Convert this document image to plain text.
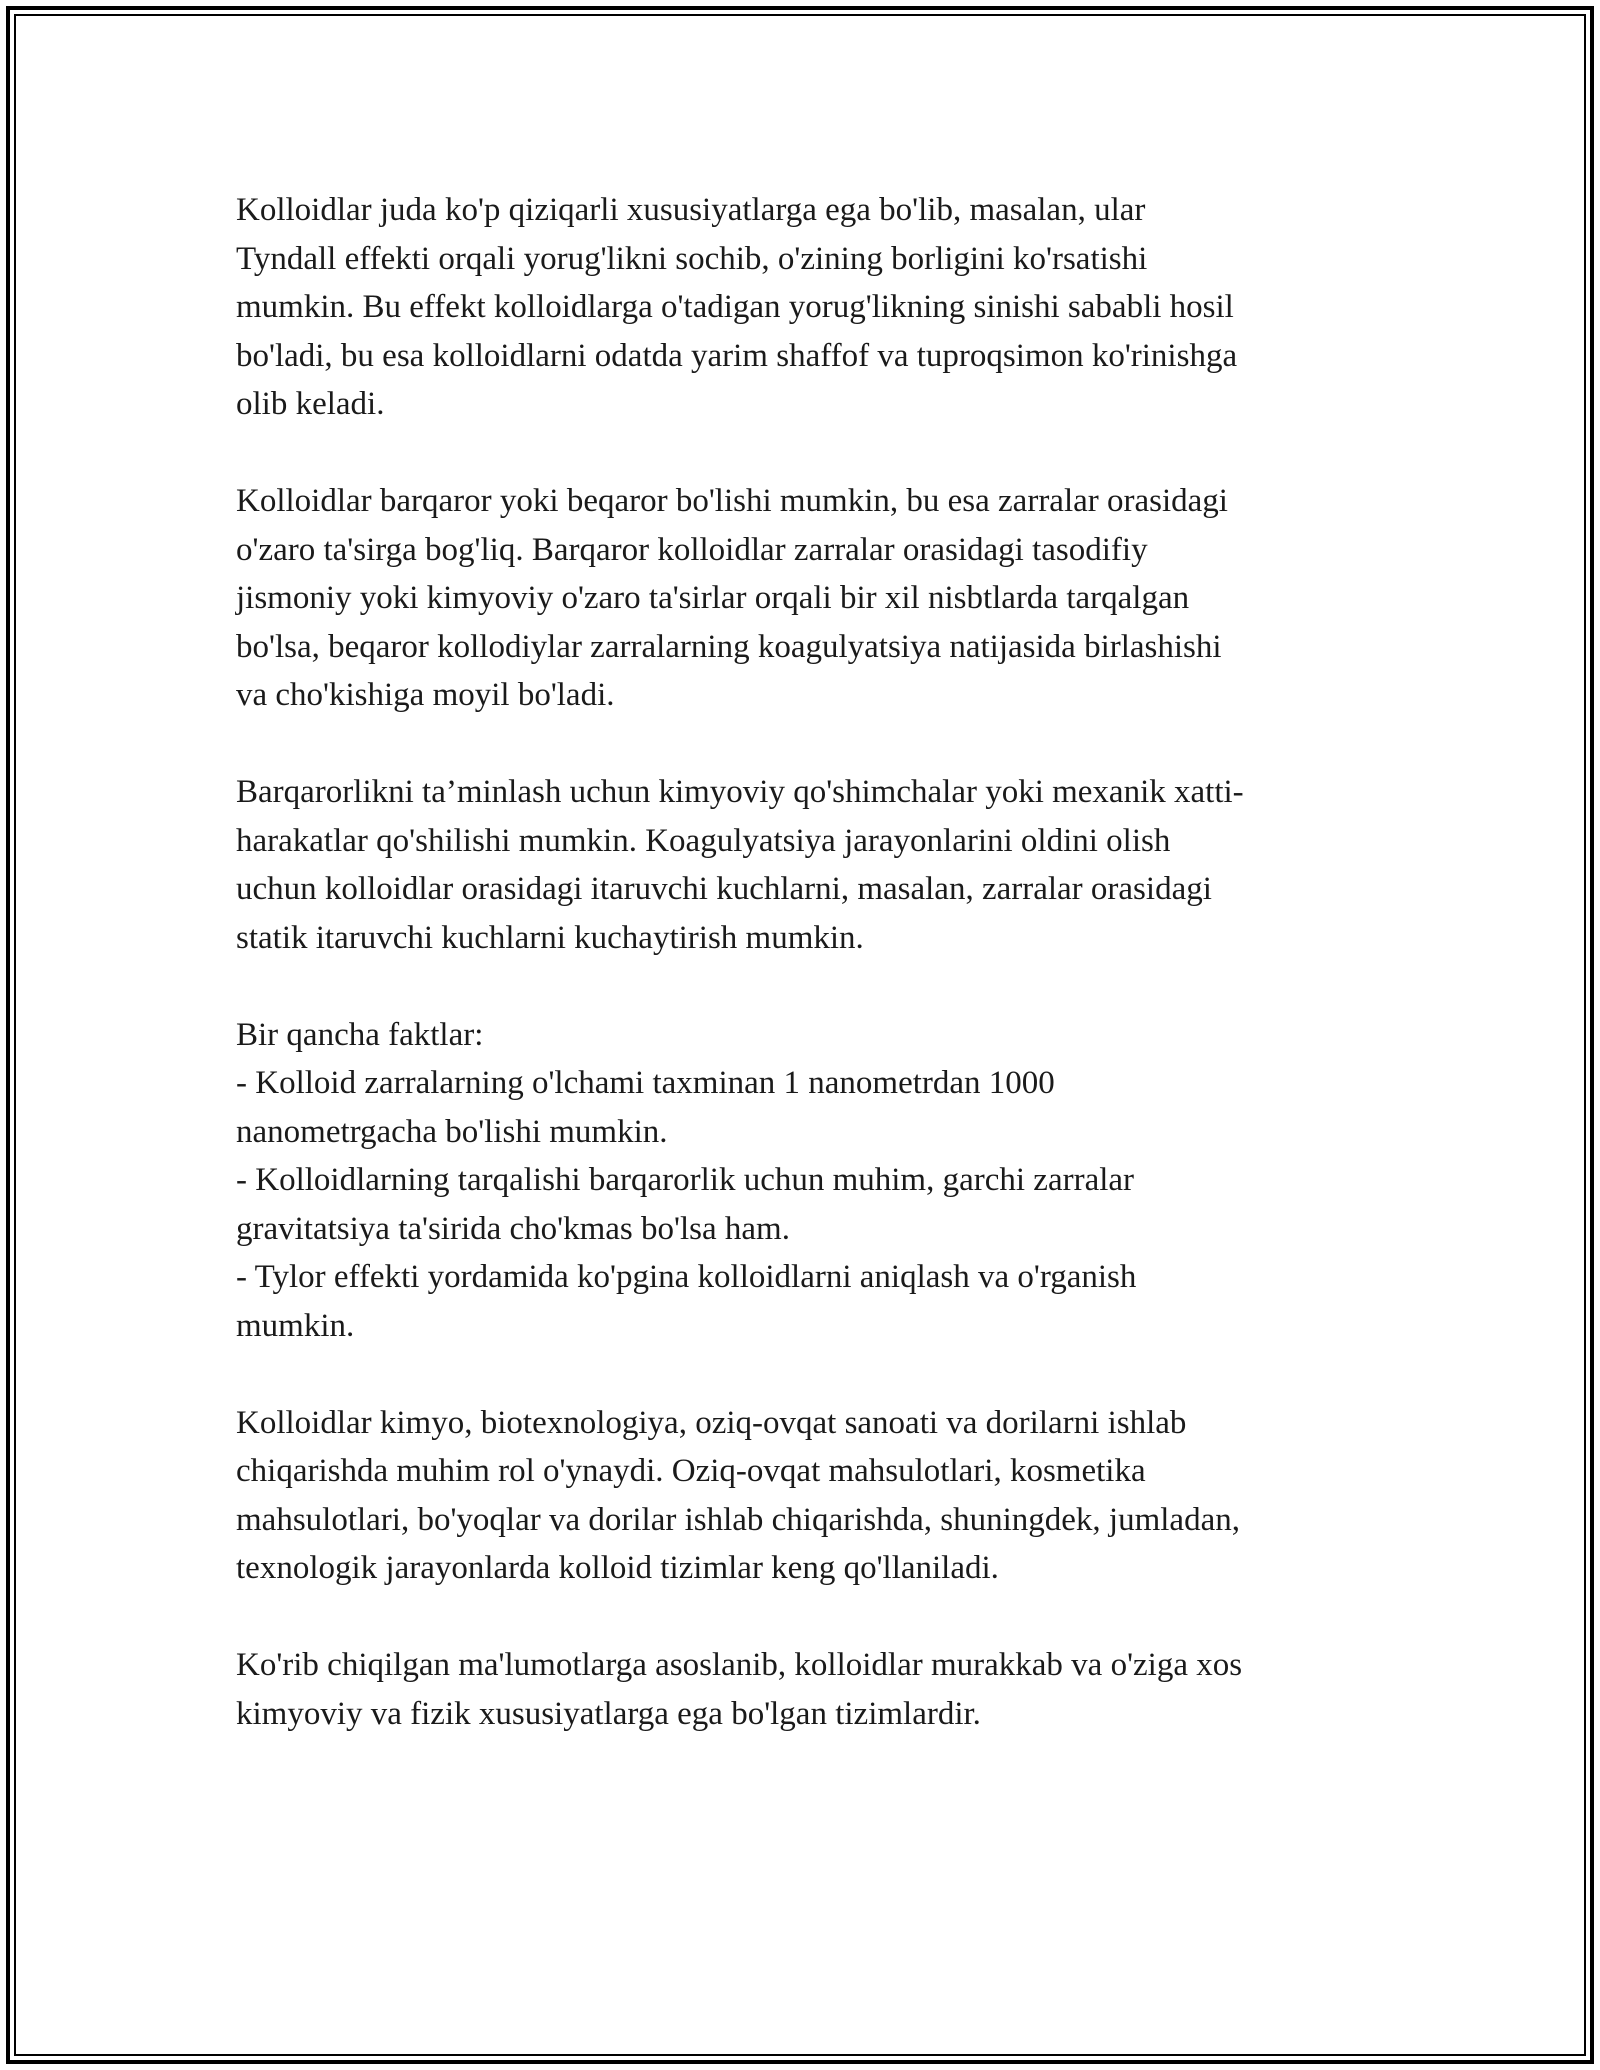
Kolloidlar juda ko'p qiziqarli xususiyatlarga ega bo'lib, masalan, ular
Tyndall effekti orqali yorug'likni sochib, o'zining borligini ko'rsatishi
mumkin. Bu effekt kolloidlarga o'tadigan yorug'likning sinishi sababli hosil
bo'ladi, bu esa kolloidlarni odatda yarim shaffof va tuproqsimon ko'rinishga
olib keladi.
Kolloidlar barqaror yoki beqaror bo'lishi mumkin, bu esa zarralar orasidagi
o'zaro ta'sirga bog'liq. Barqaror kolloidlar zarralar orasidagi tasodifiy
jismoniy yoki kimyoviy o'zaro ta'sirlar orqali bir xil nisbtlarda tarqalgan
bo'lsa, beqaror kollodiylar zarralarning koagulyatsiya natijasida birlashishi
va cho'kishiga moyil bo'ladi.
Barqarorlikni ta’minlash uchun kimyoviy qo'shimchalar yoki mexanik xatti-
harakatlar qo'shilishi mumkin. Koagulyatsiya jarayonlarini oldini olish
uchun kolloidlar orasidagi itaruvchi kuchlarni, masalan, zarralar orasidagi
statik itaruvchi kuchlarni kuchaytirish mumkin.
Bir qancha faktlar:
- Kolloid zarralarning o'lchami taxminan 1 nanometrdan 1000
nanometrgacha bo'lishi mumkin.
- Kolloidlarning tarqalishi barqarorlik uchun muhim, garchi zarralar
gravitatsiya ta'sirida cho'kmas bo'lsa ham.
- Tylor effekti yordamida ko'pgina kolloidlarni aniqlash va o'rganish
mumkin.
Kolloidlar kimyo, biotexnologiya, oziq-ovqat sanoati va dorilarni ishlab
chiqarishda muhim rol o'ynaydi. Oziq-ovqat mahsulotlari, kosmetika
mahsulotlari, bo'yoqlar va dorilar ishlab chiqarishda, shuningdek, jumladan,
texnologik jarayonlarda kolloid tizimlar keng qo'llaniladi.
Ko'rib chiqilgan ma'lumotlarga asoslanib, kolloidlar murakkab va o'ziga xos
kimyoviy va fizik xususiyatlarga ega bo'lgan tizimlardir.
